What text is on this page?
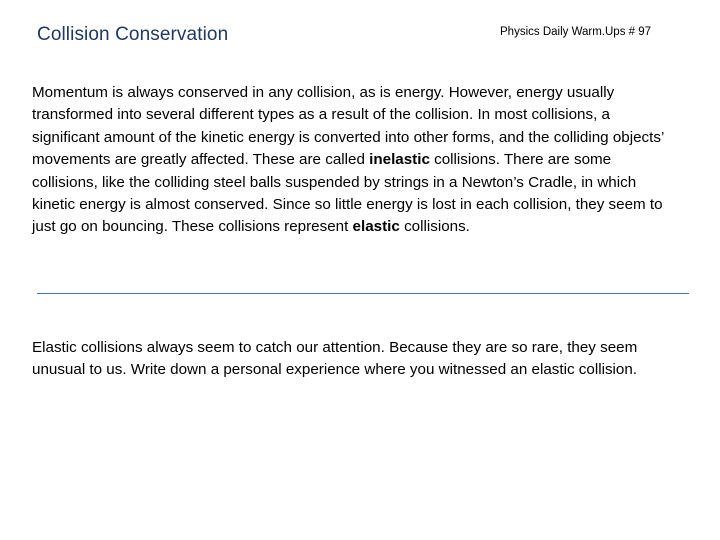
Collision Conservation	Physics Daily Warm.Ups # 97
Momentum is always conserved in any collision, as is energy. However, energy usually transformed into several different types as a result of the collision. In most collisions, a significant amount of the kinetic energy is converted into other forms, and the colliding objects’ movements are greatly affected. These are called inelastic collisions. There are some collisions, like the colliding steel balls suspended by strings in a Newton’s Cradle, in which kinetic energy is almost conserved. Since so little energy is lost in each collision, they seem to just go on bouncing. These collisions represent elastic collisions.
Elastic collisions always seem to catch our attention. Because they are so rare, they seem unusual to us. Write down a personal experience where you witnessed an elastic collision.
